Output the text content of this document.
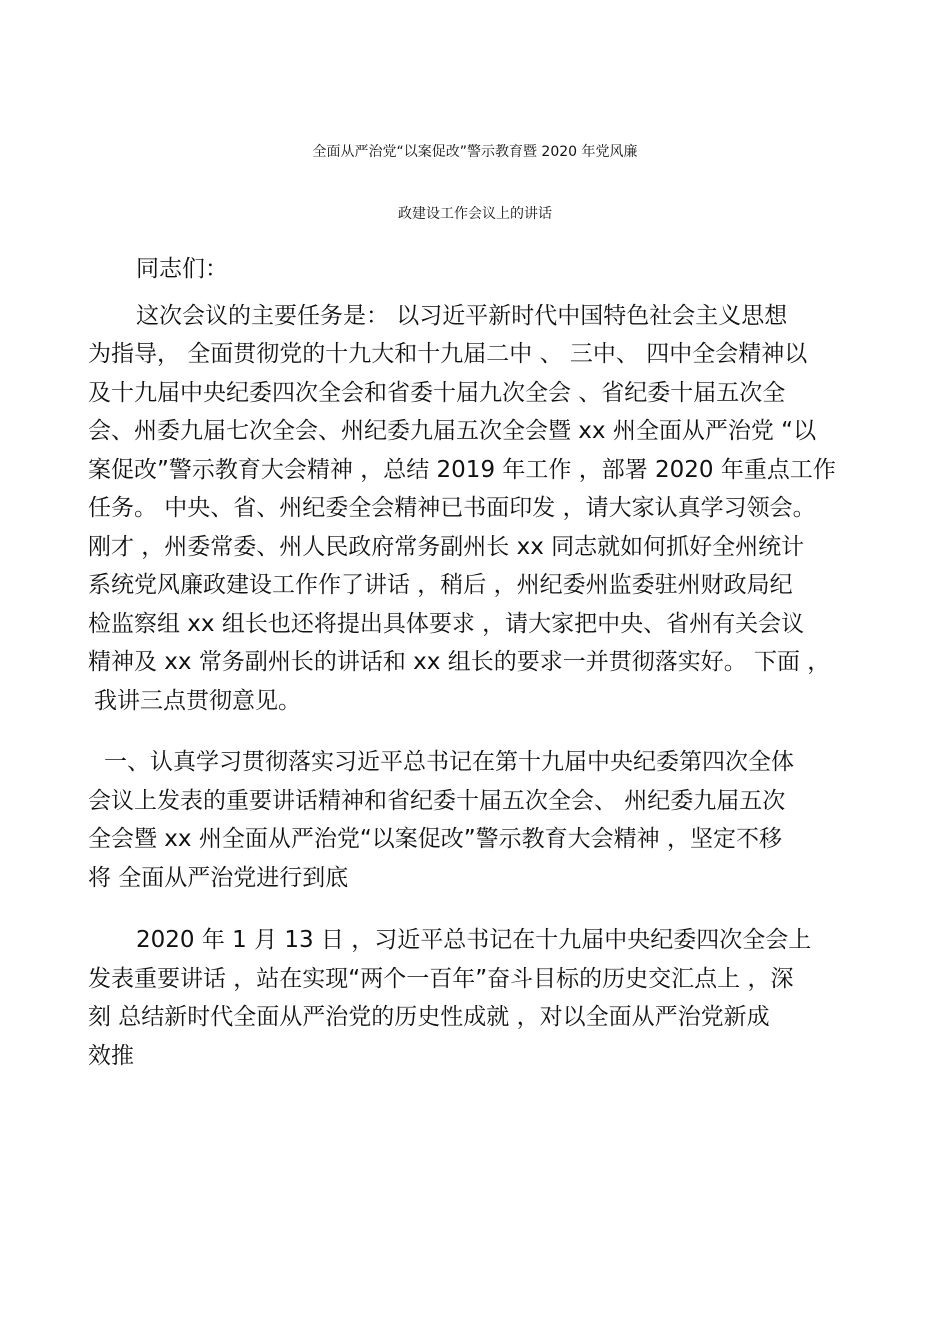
全面从严治党“以案促改”警示教育暨 2020 年党风廉
政建设工作会议上的讲话
同志们：
这次会议的主要任务是： 以习近平新时代中国特色社会主义思想
为指导， 全面贯彻党的十九大和十九届二中 、 三中、 四中全会精神以
及十九届中央纪委四次全会和省委十届九次全会 、省纪委十届五次全
会、州委九届七次全会、州纪委九届五次全会暨 xx 州全面从严治党 “以
案促改”警示教育大会精神 ，总结 2019 年工作 ，部署 2020 年重点工作
任务。 中央、省、州纪委全会精神已书面印发 ，请大家认真学习领会。
刚才 ，州委常委、州人民政府常务副州长 xx 同志就如何抓好全州统计
系统党风廉政建设工作作了讲话 ，稍后 ，州纪委州监委驻州财政局纪
检监察组 xx 组长也还将提出具体要求 ，请大家把中央、省州有关会议
精神及 xx 常务副州长的讲话和 xx 组长的要求一并贯彻落实好。 下面 ，
我讲三点贯彻意见。
一、认真学习贯彻落实习近平总书记在第十九届中央纪委第四次全体
会议上发表的重要讲话精神和省纪委十届五次全会、 州纪委九届五次
全会暨 xx 州全面从严治党“以案促改”警示教育大会精神 ，坚定不移
将 全面从严治党进行到底
2020 年 1 月 13 日 ，习近平总书记在十九届中央纪委四次全会上
发表重要讲话 ，站在实现“两个一百年”奋斗目标的历史交汇点上 ，深
刻 总结新时代全面从严治党的历史性成就 ，对以全面从严治党新成
效推
